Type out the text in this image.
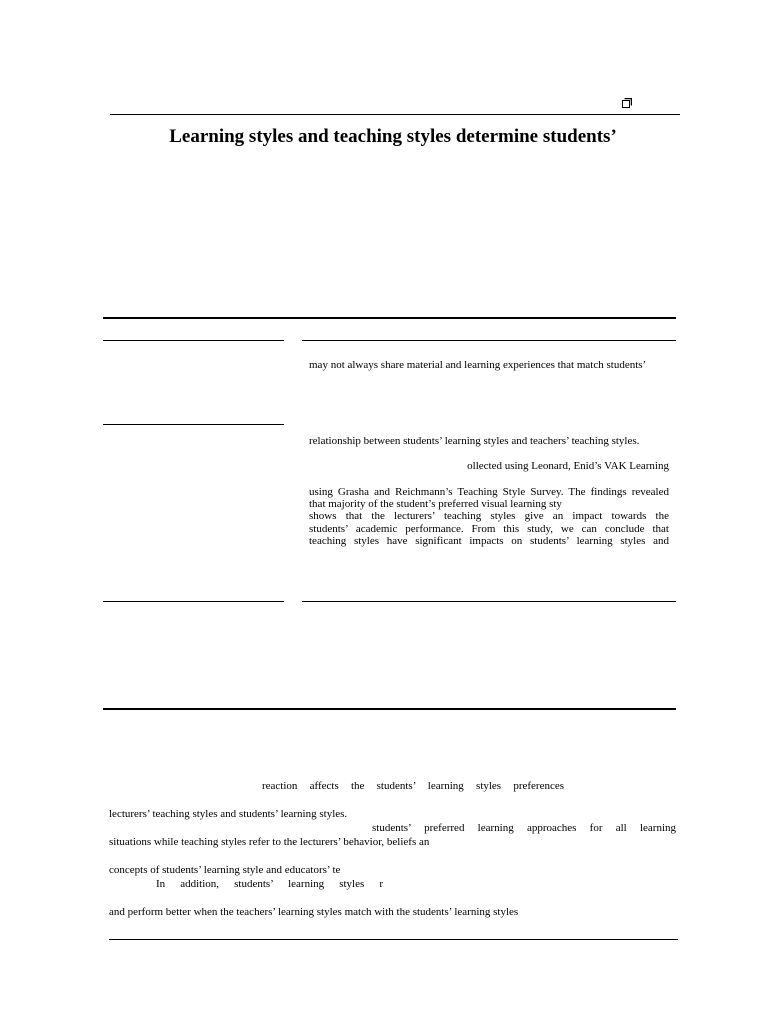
Learning styles and teaching styles determine students’
may not always share material and learning experiences that match students’
relationship between students’ learning styles and teachers’ teaching styles.
ollected using Leonard, Enid’s VAK Learning
using Grasha and Reichmann’s Teaching Style Survey. The findings revealed
that majority of the student’s preferred visual learning sty
shows that the lecturers’ teaching styles give an impact towards the
students’ academic performance. From this study, we can conclude that
teaching styles have significant impacts on students’ learning styles and
reaction affects the students’ learning styles preferences
lecturers’ teaching styles and students’ learning styles.
students’ preferred learning approaches for all learning
situations while teaching styles refer to the lecturers’ behavior, beliefs an
concepts of students’ learning style and educators’ te
In addition, students’ learning styles r
and perform better when the teachers’ learning styles match with the students’ learning styles
